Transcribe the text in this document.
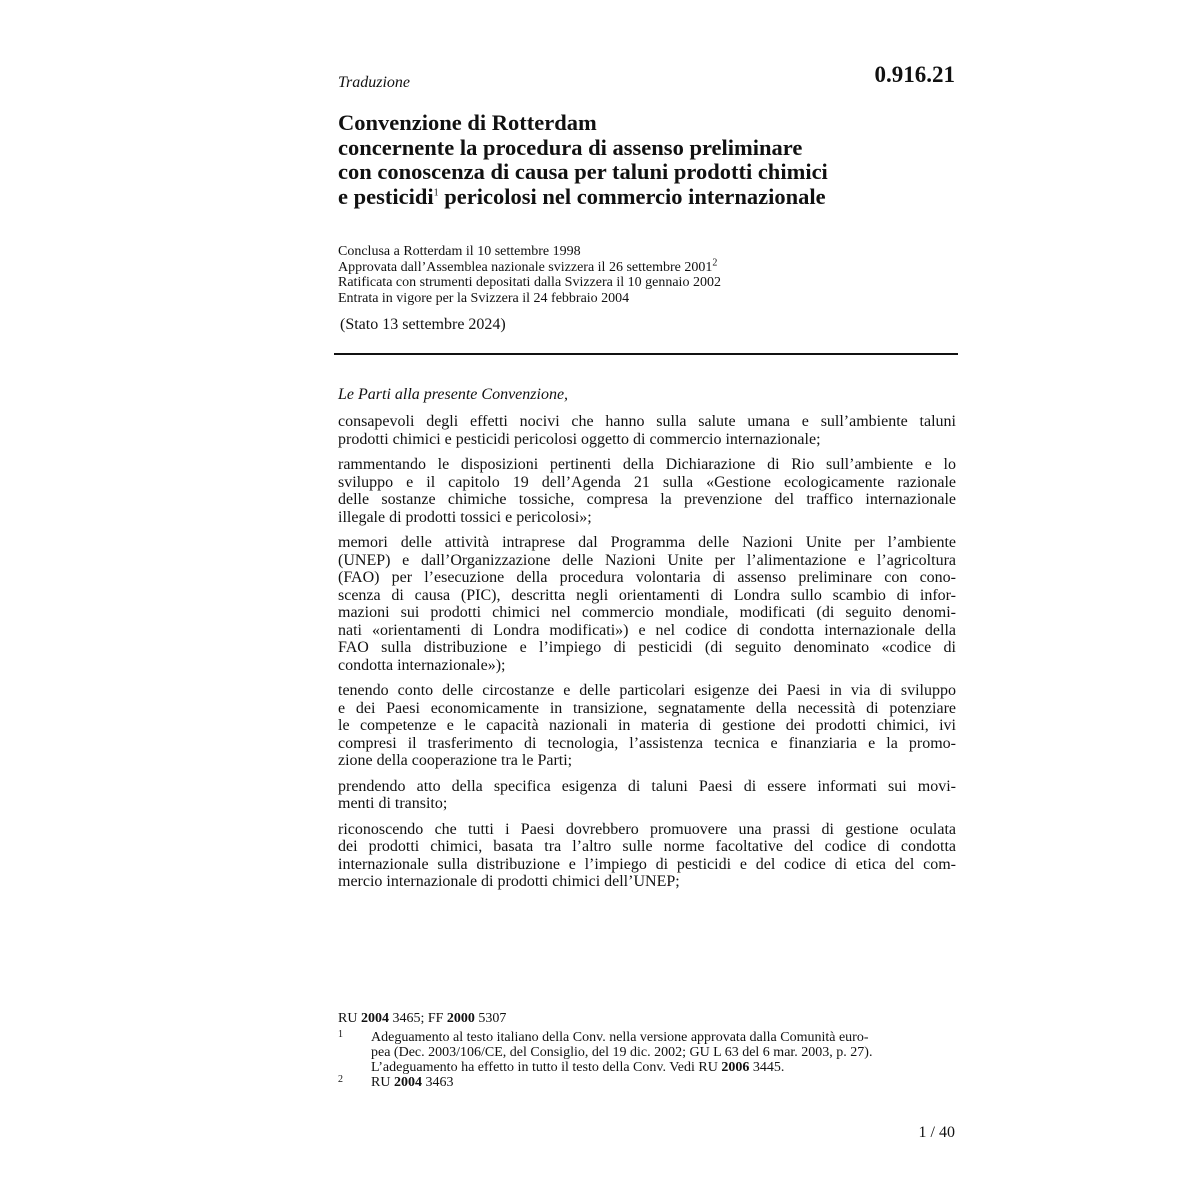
Traduzione	0.916.21
Convenzione di Rotterdam
concernente la procedura di assenso preliminare
con conoscenza di causa per taluni prodotti chimici
e pesticidi$^1$ pericolosi nel commercio internazionale
Conclusa a Rotterdam il 10 settembre 1998
Approvata dall’Assemblea nazionale svizzera il 26 settembre 2001$^2$
Ratificata con strumenti depositati dalla Svizzera il 10 gennaio 2002
Entrata in vigore per la Svizzera il 24 febbraio 2004
(Stato 13 settembre 2024)
Le Parti alla presente Convenzione,

consapevoli degli effetti nocivi che hanno sulla salute umana e sull’ambiente taluni
prodotti chimici e pesticidi pericolosi oggetto di commercio internazionale;

rammentando le disposizioni pertinenti della Dichiarazione di Rio sull’ambiente e lo
sviluppo e il capitolo 19 dell’Agenda 21 sulla «Gestione ecologicamente razionale
delle sostanze chimiche tossiche, compresa la prevenzione del traffico internazionale
illegale di prodotti tossici e pericolosi»;

memori delle attività intraprese dal Programma delle Nazioni Unite per l’ambiente
(UNEP) e dall’Organizzazione delle Nazioni Unite per l’alimentazione e l’agricoltura
(FAO) per l’esecuzione della procedura volontaria di assenso preliminare con cono-
scenza di causa (PIC), descritta negli orientamenti di Londra sullo scambio di infor-
mazioni sui prodotti chimici nel commercio mondiale, modificati (di seguito denomi-
nati «orientamenti di Londra modificati») e nel codice di condotta internazionale della
FAO sulla distribuzione e l’impiego di pesticidi (di seguito denominato «codice di
condotta internazionale»);

tenendo conto delle circostanze e delle particolari esigenze dei Paesi in via di sviluppo
e dei Paesi economicamente in transizione, segnatamente della necessità di potenziare
le competenze e le capacità nazionali in materia di gestione dei prodotti chimici, ivi
compresi il trasferimento di tecnologia, l’assistenza tecnica e finanziaria e la promo-
zione della cooperazione tra le Parti;

prendendo atto della specifica esigenza di taluni Paesi di essere informati sui movi-
menti di transito;

riconoscendo che tutti i Paesi dovrebbero promuovere una prassi di gestione oculata
dei prodotti chimici, basata tra l’altro sulle norme facoltative del codice di condotta
internazionale sulla distribuzione e l’impiego di pesticidi e del codice di etica del com-
mercio internazionale di prodotti chimici dell’UNEP;

RU 2004 3465; FF 2000 5307
1 Adeguamento al testo italiano della Conv. nella versione approvata dalla Comunità euro-
pea (Dec. 2003/106/CE, del Consiglio, del 19 dic. 2002; GU L 63 del 6 mar. 2003, p. 27).
L’adeguamento ha effetto in tutto il testo della Conv. Vedi RU 2006 3445.
2 RU 2004 3463
1 / 40
